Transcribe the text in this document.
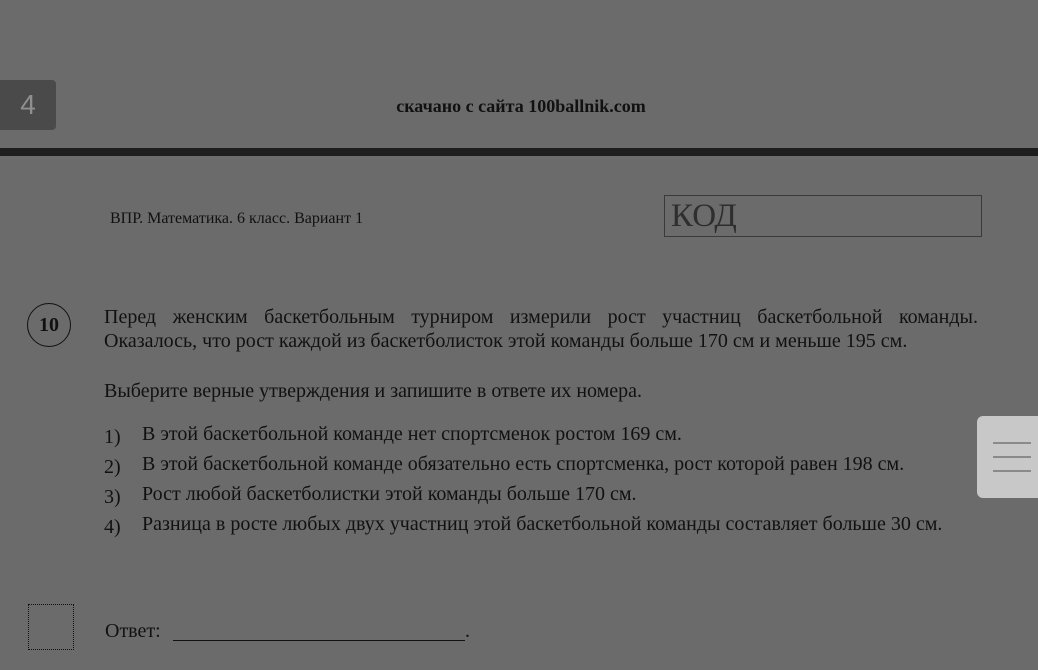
4	скачано с сайта 100ballnik.com
ВПР. Математика. 6 класс. Вариант 1	КОД
10	Перед женским баскетбольным турниром измерили рост участниц баскетбольной команды. Оказалось, что рост каждой из баскетболисток этой команды больше 170 см и меньше 195 см.

Выберите верные утверждения и запишите в ответе их номера.

1)	В этой баскетбольной команде нет спортсменок ростом 169 см.
2)	В этой баскетбольной команде обязательно есть спортсменка, рост которой равен 198 см.
3)	Рост любой баскетболистки этой команды больше 170 см.
4)	Разница в росте любых двух участниц этой баскетбольной команды составляет больше 30 см.
Ответ:	.
